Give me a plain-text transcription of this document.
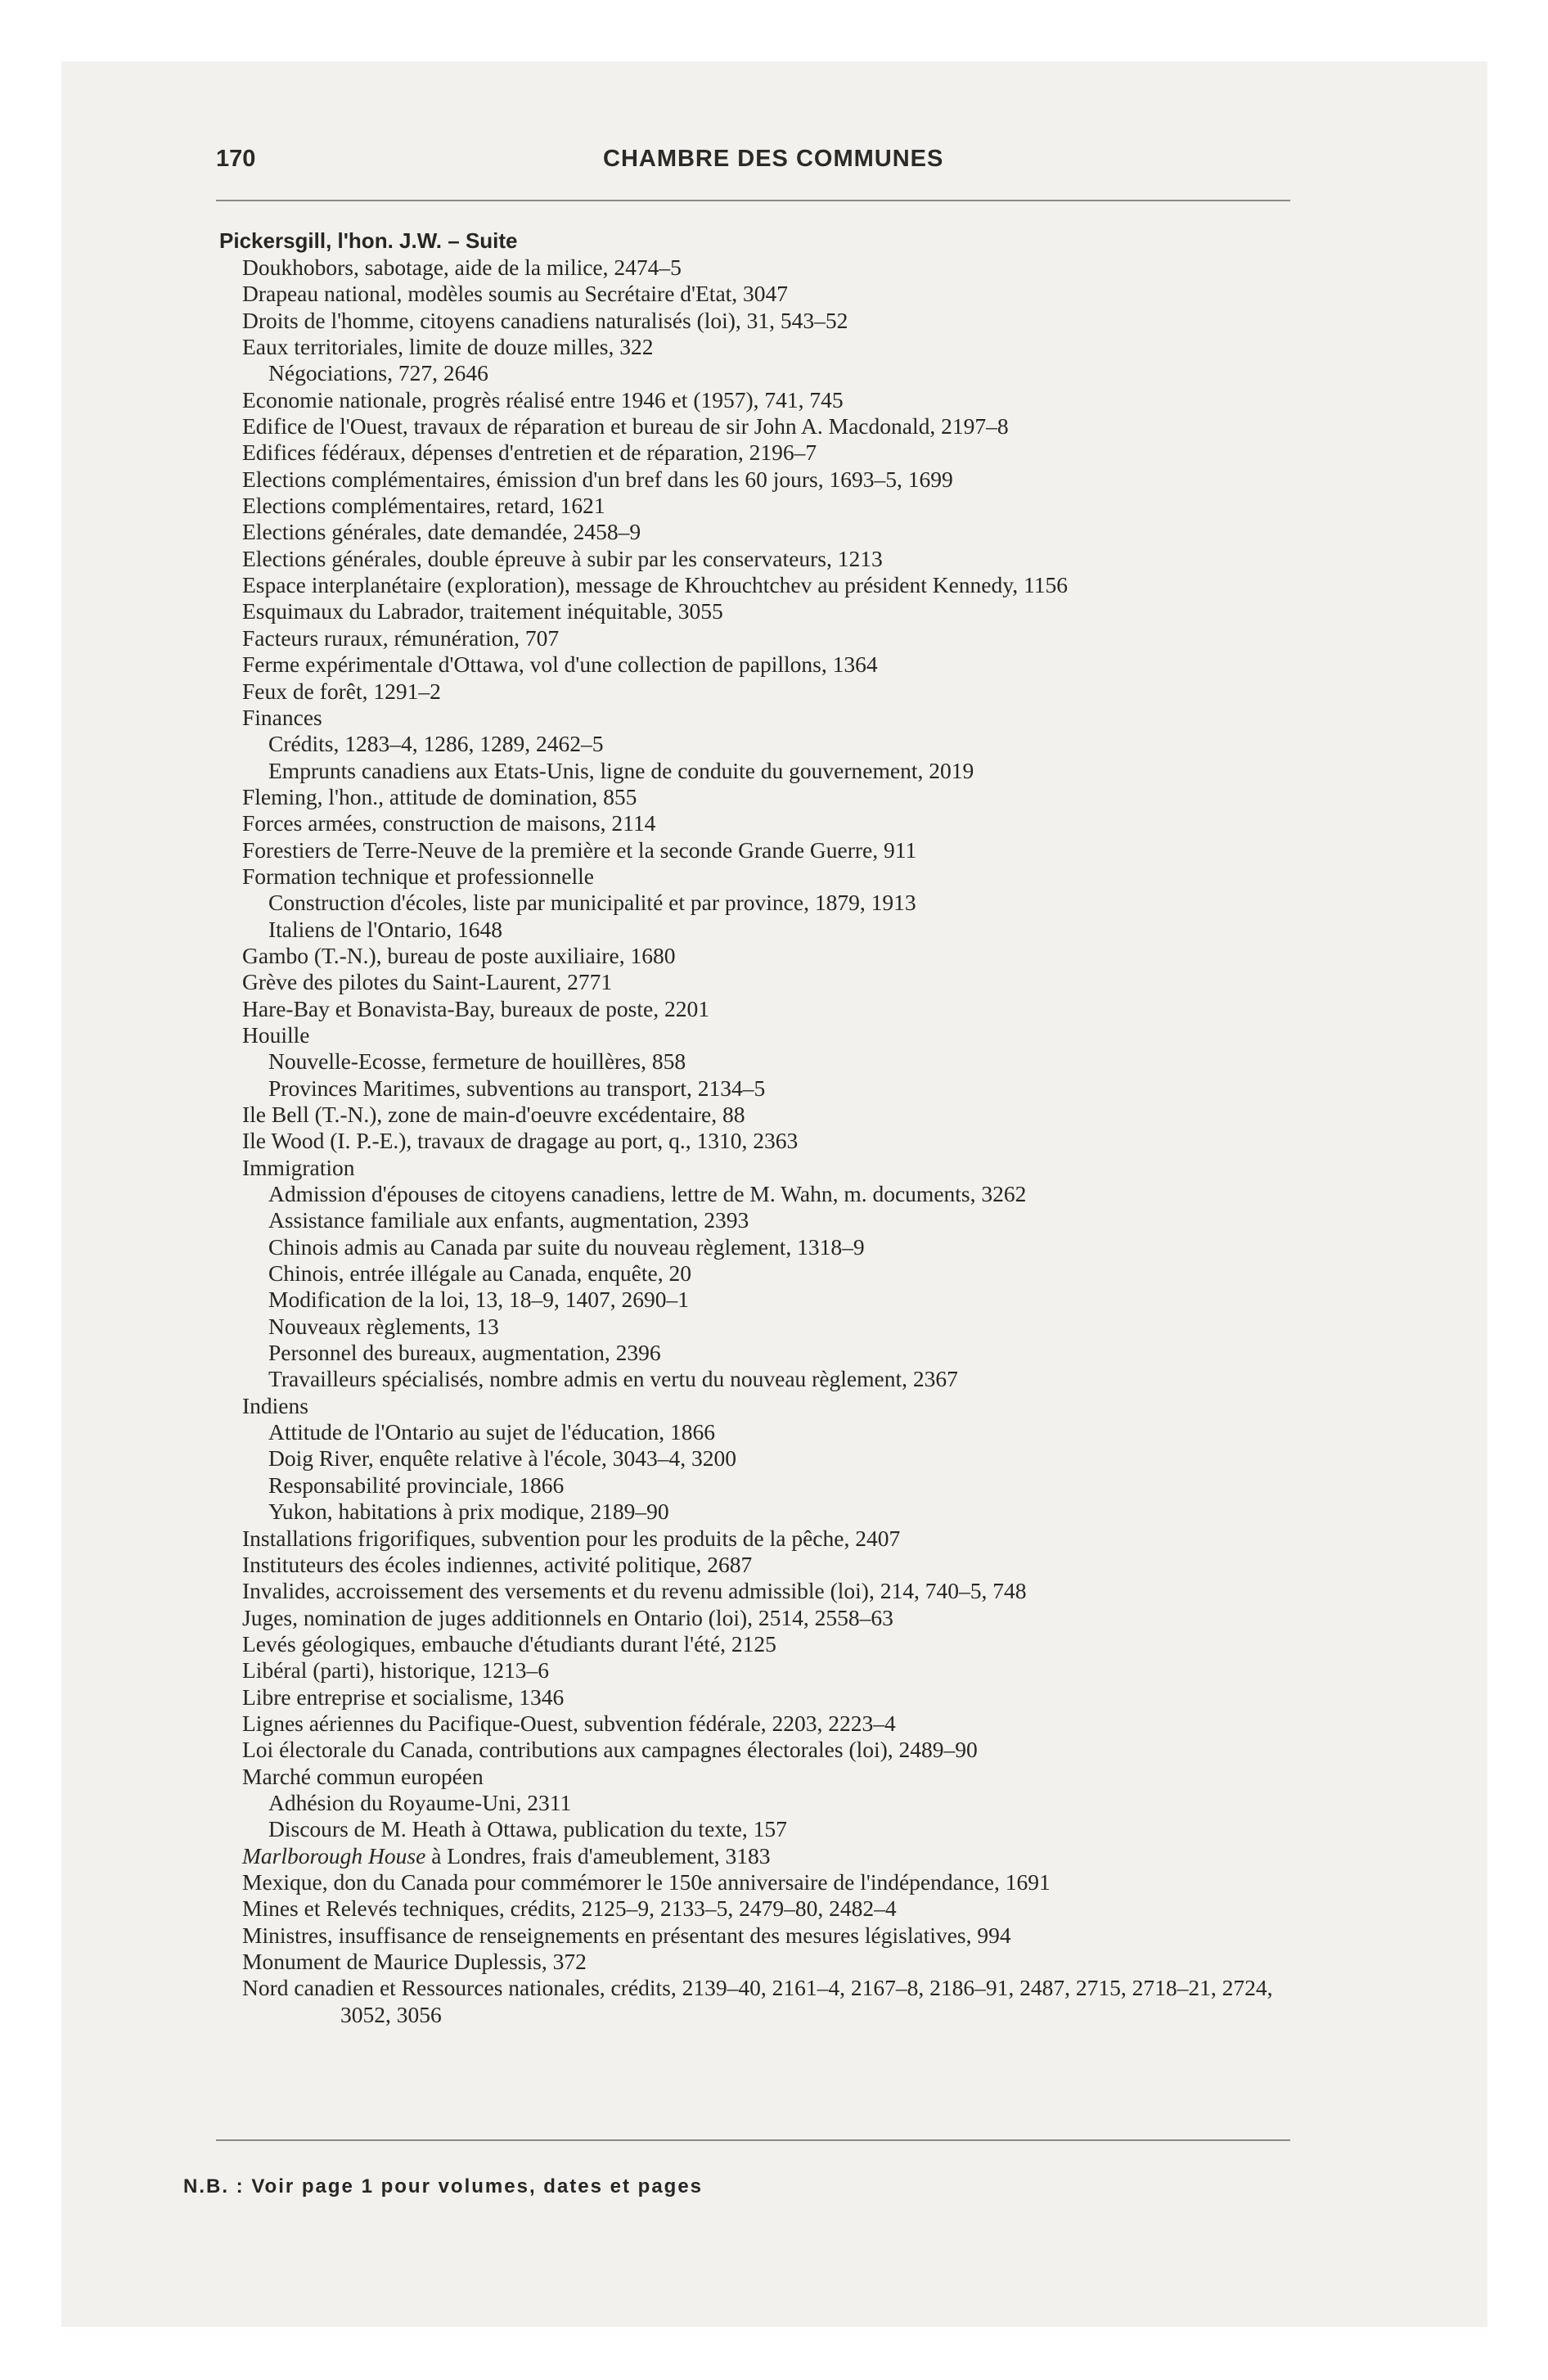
170	CHAMBRE DES COMMUNES
Pickersgill, l'hon. J.W. – Suite
Doukhobors, sabotage, aide de la milice, 2474–5
Drapeau national, modèles soumis au Secrétaire d'Etat, 3047
Droits de l'homme, citoyens canadiens naturalisés (loi), 31, 543–52
Eaux territoriales, limite de douze milles, 322
Négociations, 727, 2646
Economie nationale, progrès réalisé entre 1946 et (1957), 741, 745
Edifice de l'Ouest, travaux de réparation et bureau de sir John A. Macdonald, 2197–8
Edifices fédéraux, dépenses d'entretien et de réparation, 2196–7
Elections complémentaires, émission d'un bref dans les 60 jours, 1693–5, 1699
Elections complémentaires, retard, 1621
Elections générales, date demandée, 2458–9
Elections générales, double épreuve à subir par les conservateurs, 1213
Espace interplanétaire (exploration), message de Khrouchtchev au président Kennedy, 1156
Esquimaux du Labrador, traitement inéquitable, 3055
Facteurs ruraux, rémunération, 707
Ferme expérimentale d'Ottawa, vol d'une collection de papillons, 1364
Feux de forêt, 1291–2
Finances
Crédits, 1283–4, 1286, 1289, 2462–5
Emprunts canadiens aux Etats-Unis, ligne de conduite du gouvernement, 2019
Fleming, l'hon., attitude de domination, 855
Forces armées, construction de maisons, 2114
Forestiers de Terre-Neuve de la première et la seconde Grande Guerre, 911
Formation technique et professionnelle
Construction d'écoles, liste par municipalité et par province, 1879, 1913
Italiens de l'Ontario, 1648
Gambo (T.-N.), bureau de poste auxiliaire, 1680
Grève des pilotes du Saint-Laurent, 2771
Hare-Bay et Bonavista-Bay, bureaux de poste, 2201
Houille
Nouvelle-Ecosse, fermeture de houillères, 858
Provinces Maritimes, subventions au transport, 2134–5
Ile Bell (T.-N.), zone de main-d'oeuvre excédentaire, 88
Ile Wood (I. P.-E.), travaux de dragage au port, q., 1310, 2363
Immigration
Admission d'épouses de citoyens canadiens, lettre de M. Wahn, m. documents, 3262
Assistance familiale aux enfants, augmentation, 2393
Chinois admis au Canada par suite du nouveau règlement, 1318–9
Chinois, entrée illégale au Canada, enquête, 20
Modification de la loi, 13, 18–9, 1407, 2690–1
Nouveaux règlements, 13
Personnel des bureaux, augmentation, 2396
Travailleurs spécialisés, nombre admis en vertu du nouveau règlement, 2367
Indiens
Attitude de l'Ontario au sujet de l'éducation, 1866
Doig River, enquête relative à l'école, 3043–4, 3200
Responsabilité provinciale, 1866
Yukon, habitations à prix modique, 2189–90
Installations frigorifiques, subvention pour les produits de la pêche, 2407
Instituteurs des écoles indiennes, activité politique, 2687
Invalides, accroissement des versements et du revenu admissible (loi), 214, 740–5, 748
Juges, nomination de juges additionnels en Ontario (loi), 2514, 2558–63
Levés géologiques, embauche d'étudiants durant l'été, 2125
Libéral (parti), historique, 1213–6
Libre entreprise et socialisme, 1346
Lignes aériennes du Pacifique-Ouest, subvention fédérale, 2203, 2223–4
Loi électorale du Canada, contributions aux campagnes électorales (loi), 2489–90
Marché commun européen
Adhésion du Royaume-Uni, 2311
Discours de M. Heath à Ottawa, publication du texte, 157
Marlborough House à Londres, frais d'ameublement, 3183
Mexique, don du Canada pour commémorer le 150e anniversaire de l'indépendance, 1691
Mines et Relevés techniques, crédits, 2125–9, 2133–5, 2479–80, 2482–4
Ministres, insuffisance de renseignements en présentant des mesures législatives, 994
Monument de Maurice Duplessis, 372
Nord canadien et Ressources nationales, crédits, 2139–40, 2161–4, 2167–8, 2186–91, 2487, 2715, 2718–21, 2724, 3052, 3056
N.B. : Voir page 1 pour volumes, dates et pages
